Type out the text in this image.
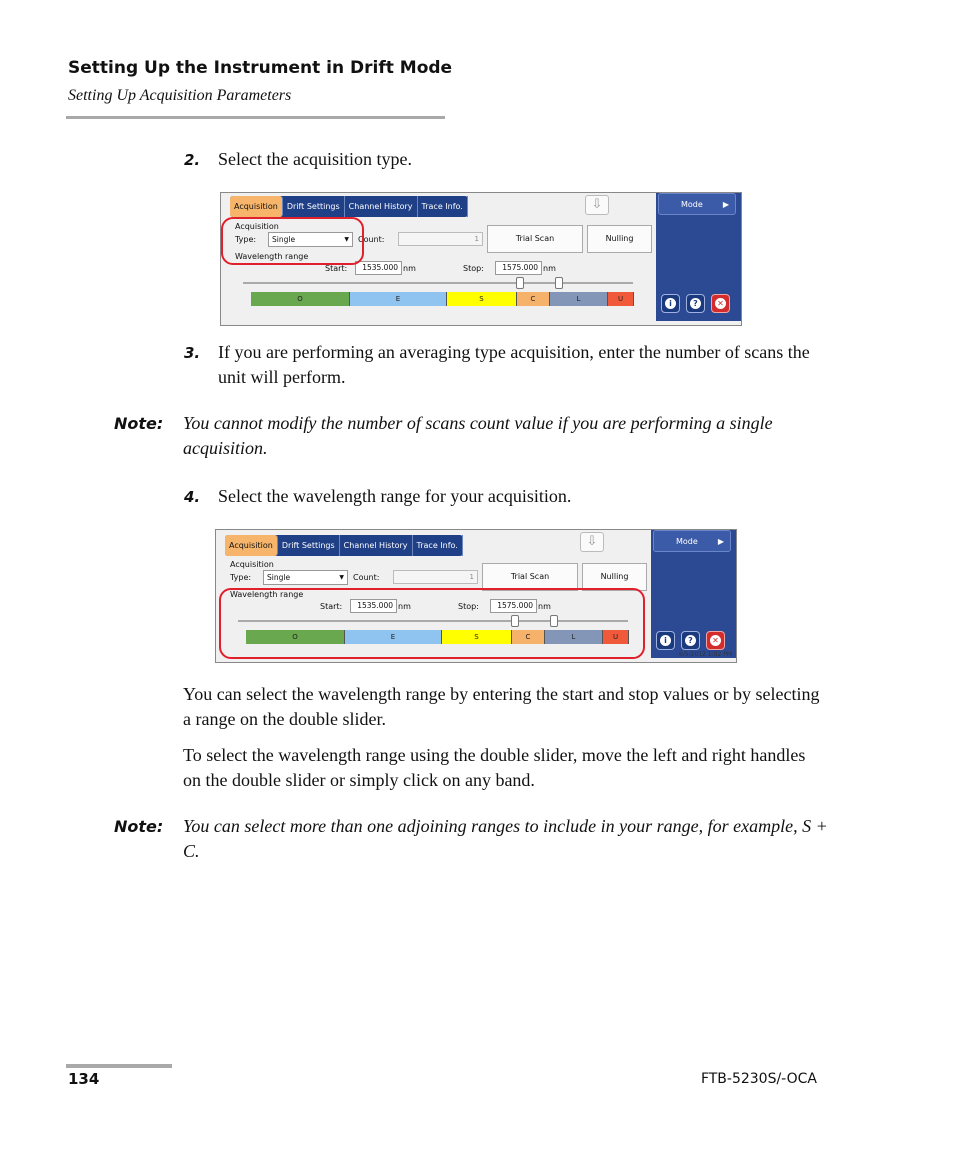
Setting Up the Instrument in Drift Mode
Setting Up Acquisition Parameters
2. Select the acquisition type.
Acquisition	Drift Settings	Channel History	Trace Info.	⇩
Acquisition
Type:	Single	▼ Count:	1	Trial Scan	Nulling
Wavelength range
Start:	1535.000 nm	Stop:	1575.000 nm
O	E	S	C	L	U
Mode	▶
i	?	✕
3. If you are performing an averaging type acquisition, enter the number of scans the unit will perform.
Note: You cannot modify the number of scans count value if you are performing a single acquisition.
4. Select the wavelength range for your acquisition.
Acquisition	Drift Settings	Channel History	Trace Info.	⇩
Acquisition
Type:	Single	▼ Count:	1	Trial Scan	Nulling
Wavelength range
Start:	1535.000 nm	Stop:	1575.000 nm
O	E	S	C	L	U
Mode	▶
i	?	✕
6/5/2012 1:02 PM
You can select the wavelength range by entering the start and stop values or by selecting a range on the double slider.
To select the wavelength range using the double slider, move the left and right handles on the double slider or simply click on any band.
Note: You can select more than one adjoining ranges to include in your range, for example, S + C.
134	FTB-5230S/-OCA
